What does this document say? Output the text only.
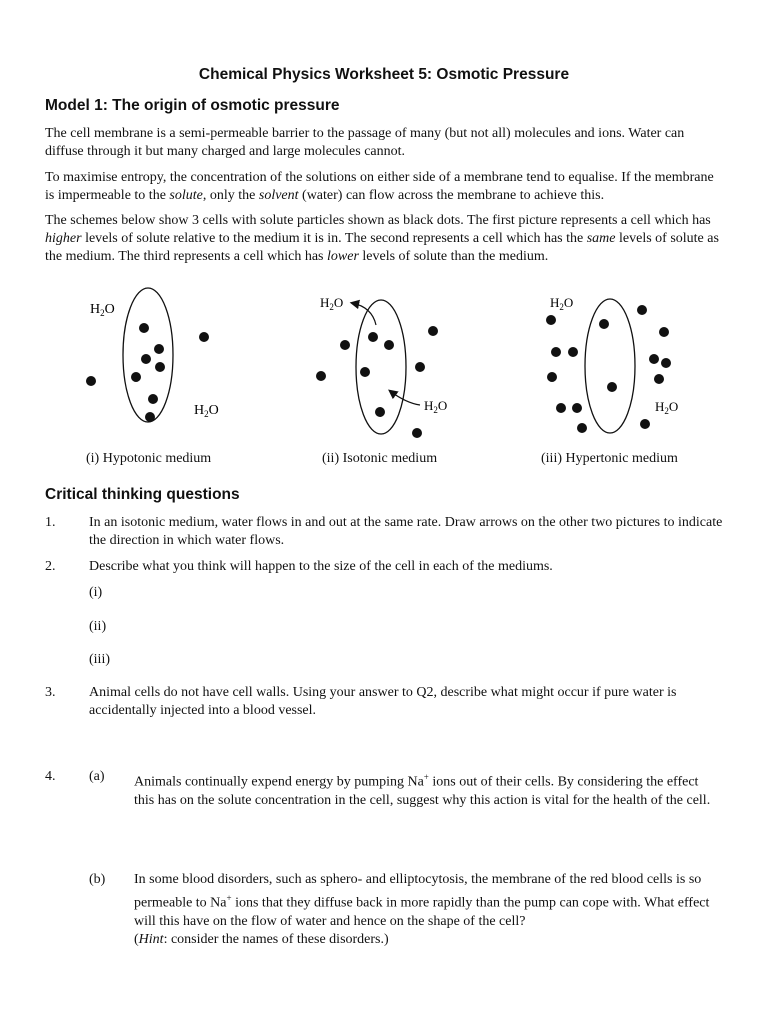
Chemical Physics Worksheet 5: Osmotic Pressure
Model 1: The origin of osmotic pressure
The cell membrane is a semi-permeable barrier to the passage of many (but not all) molecules and ions. Water can diffuse through it but many charged and large molecules cannot.
To maximise entropy, the concentration of the solutions on either side of a membrane tend to equalise. If the membrane is impermeable to the solute, only the solvent (water) can flow across the membrane to achieve this.
The schemes below show 3 cells with solute particles shown as black dots. The first picture represents a cell which has higher levels of solute relative to the medium it is in. The second represents a cell which has the same levels of solute as the medium. The third represents a cell which has lower levels of solute than the medium.
$H_2O$
$H_2O$
$H_2O$
$H_2O$
$H_2O$
$H_2O$
(i) Hypotonic medium	(ii) Isotonic medium	(iii) Hypertonic medium
Critical thinking questions
1. In an isotonic medium, water flows in and out at the same rate. Draw arrows on the other two pictures to indicate the direction in which water flows.
2. Describe what you think will happen to the size of the cell in each of the mediums.
(i)
(ii)
(iii)
3. Animal cells do not have cell walls. Using your answer to Q2, describe what might occur if pure water is accidentally injected into a blood vessel.
4. (a) Animals continually expend energy by pumping Na+ ions out of their cells. By considering the effect this has on the solute concentration in the cell, suggest why this action is vital for the health of the cell.
(b) In some blood disorders, such as sphero- and elliptocytosis, the membrane of the red blood cells is so permeable to Na+ ions that they diffuse back in more rapidly than the pump can cope with. What effect will this have on the flow of water and hence on the shape of the cell?
(Hint: consider the names of these disorders.)
